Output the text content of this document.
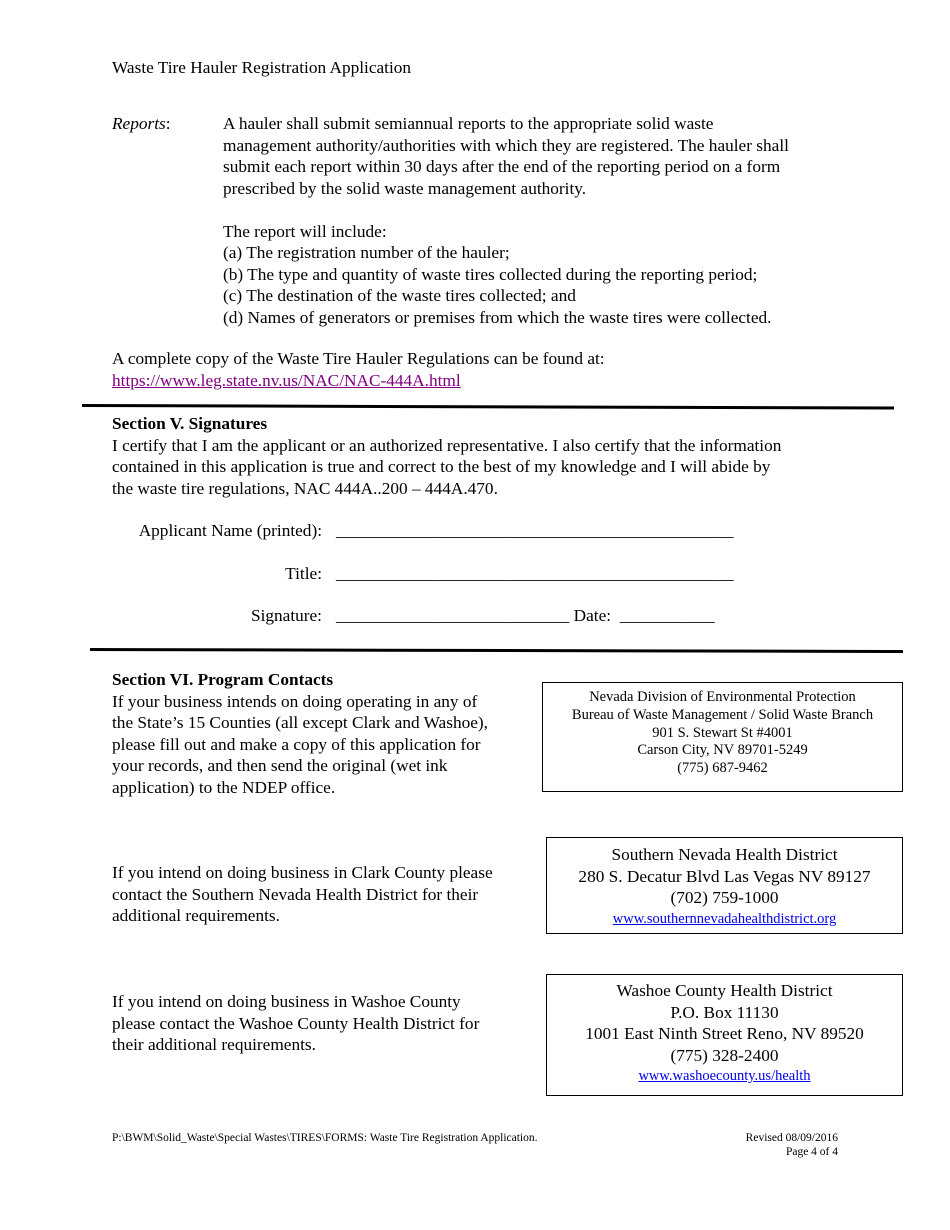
Waste Tire Hauler Registration Application
Reports:	A hauler shall submit semiannual reports to the appropriate solid waste

management authority/authorities with which they are registered. The hauler shall

submit each report within 30 days after the end of the reporting period on a form

prescribed by the solid waste management authority.

The report will include:

(a) The registration number of the hauler;

(b) The type and quantity of waste tires collected during the reporting period;

(c) The destination of the waste tires collected; and

(d) Names of generators or premises from which the waste tires were collected.

A complete copy of the Waste Tire Hauler Regulations can be found at:
https://www.leg.state.nv.us/NAC/NAC-444A.html
Section V. Signatures
I certify that I am the applicant or an authorized representative. I also certify that the information
contained in this application is true and correct to the best of my knowledge and I will abide by
the waste tire regulations, NAC 444A..200 – 444A.470.
Applicant Name (printed): ______________________________________________
Title: ______________________________________________
Signature: ___________________________ Date: ___________
Section VI. Program Contacts
If your business intends on doing operating in any of
the State’s 15 Counties (all except Clark and Washoe),
please fill out and make a copy of this application for
your records, and then send the original (wet ink
application) to the NDEP office.
Nevada Division of Environmental Protection
Bureau of Waste Management / Solid Waste Branch
901 S. Stewart St #4001
Carson City, NV 89701-5249
(775) 687-9462
If you intend on doing business in Clark County please
contact the Southern Nevada Health District for their
additional requirements.
Southern Nevada Health District
280 S. Decatur Blvd Las Vegas NV 89127
(702) 759-1000
www.southernnevadahealthdistrict.org
If you intend on doing business in Washoe County
please contact the Washoe County Health District for
their additional requirements.
Washoe County Health District
P.O. Box 11130
1001 East Ninth Street Reno, NV 89520
(775) 328-2400
www.washoecounty.us/health
P:\BWM\Solid_Waste\Special Wastes\TIRES\FORMS: Waste Tire Registration Application.	Revised 08/09/2016
Page 4 of 4
